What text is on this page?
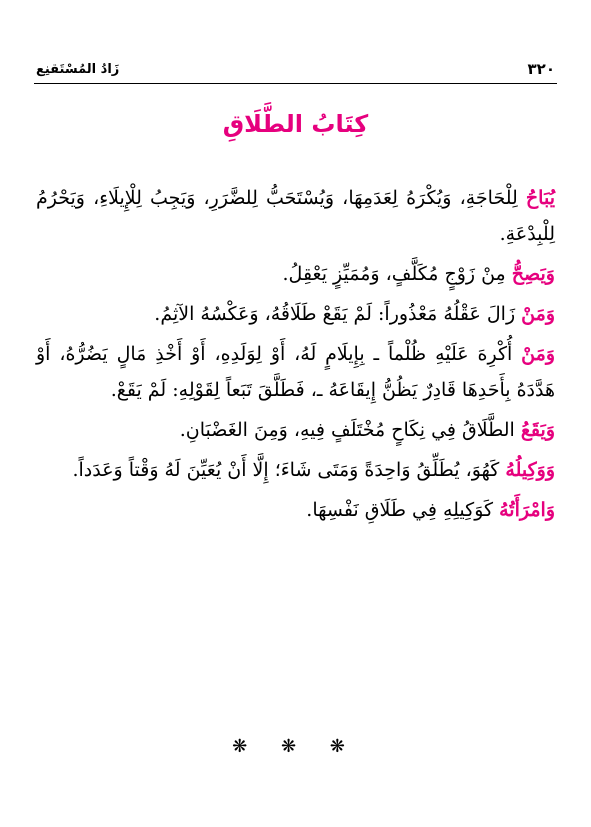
٣٢٠
زَادُ المُسْتَقنِع
كِتَابُ الطَّلَاقِ

يُبَاحُ لِلْحَاجَةِ، وَيُكْرَهُ لِعَدَمِهَا، وَيُسْتَحَبُّ لِلضَّرَرِ، وَيَجِبُ لِلْإِيلَاءِ، وَيَحْرُمُ لِلْبِدْعَةِ.

وَيَصِحُّ مِنْ زَوْجٍ مُكَلَّفٍ، وَمُمَيِّزٍ يَعْقِلُ.

وَمَنْ زَالَ عَقْلُهُ مَعْذُوراً: لَمْ يَقَعْ طَلَاقُهُ، وَعَكْسُهُ الآثِمُ.

وَمَنْ أُكْرِهَ عَلَيْهِ ظُلْماً ـ بِإِيلَامٍ لَهُ، أَوْ لِوَلَدِهِ، أَوْ أَخْذِ مَالٍ يَضُرُّهُ، أَوْ هَدَّدَهُ بِأَحَدِهَا قَادِرٌ يَظُنُّ إِيقَاعَهُ ـ، فَطَلَّقَ تَبَعاً لِقَوْلِهِ: لَمْ يَقَعْ.

وَيَقَعُ الطَّلَاقُ فِي نِكَاحٍ مُخْتَلَفٍ فِيهِ، وَمِنَ الغَضْبَانِ.

وَوَكِيلُهُ كَهُوَ، يُطَلِّقُ وَاحِدَةً وَمَتَى شَاءَ؛ إِلَّا أَنْ يُعَيِّنَ لَهُ وَقْتاً وَعَدَداً.

وَامْرَأَتُهُ كَوَكِيلِهِ فِي طَلَاقِ نَفْسِهَا.

❋ ❋ ❋
